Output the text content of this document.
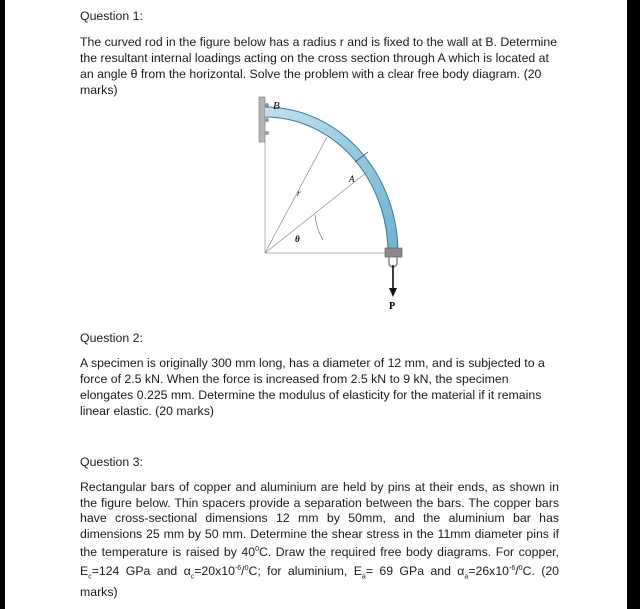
Question 1:
The curved rod in the figure below has a radius r and is fixed to the wall at B. Determine the resultant internal loadings acting on the cross section through A which is located at an angle θ from the horizontal. Solve the problem with a clear free body diagram. (20 marks)
B
A
r
θ
P
Question 2:
A specimen is originally 300 mm long, has a diameter of 12 mm, and is subjected to a force of 2.5 kN. When the force is increased from 2.5 kN to 9 kN, the specimen elongates 0.225 mm. Determine the modulus of elasticity for the material if it remains linear elastic. (20 marks)
Question 3:
Rectangular bars of copper and aluminium are held by pins at their ends, as shown in the figure below. Thin spacers provide a separation between the bars. The copper bars have cross-sectional dimensions 12 mm by 50mm, and the aluminium bar has dimensions 25 mm by 50 mm. Determine the shear stress in the 11mm diameter pins if the temperature is raised by $40^0C$. Draw the required free body diagrams. For copper, $E_c=124$ GPa and $\alpha_c=20x10^{-6}/^0C$; for aluminium, $E_a= 69$ GPa and $\alpha_a=26x10^{-6}/^0C$. (20 marks)
